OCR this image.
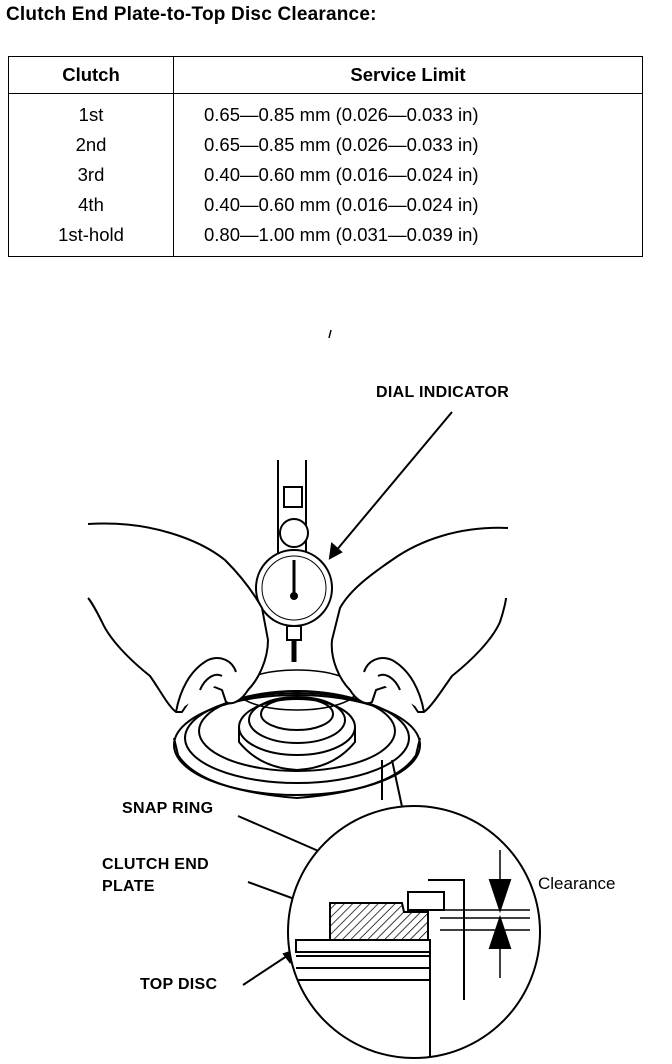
Clutch End Plate-to-Top Disc Clearance:
Clutch	Service Limit
1st	0.65—0.85 mm (0.026—0.033 in)
2nd	0.65—0.85 mm (0.026—0.033 in)
3rd	0.40—0.60 mm (0.016—0.024 in)
4th	0.40—0.60 mm (0.016—0.024 in)
1st-hold	0.80—1.00 mm (0.031—0.039 in)
DIAL INDICATOR
SNAP RING
CLUTCH END
PLATE
TOP DISC
Clearance
